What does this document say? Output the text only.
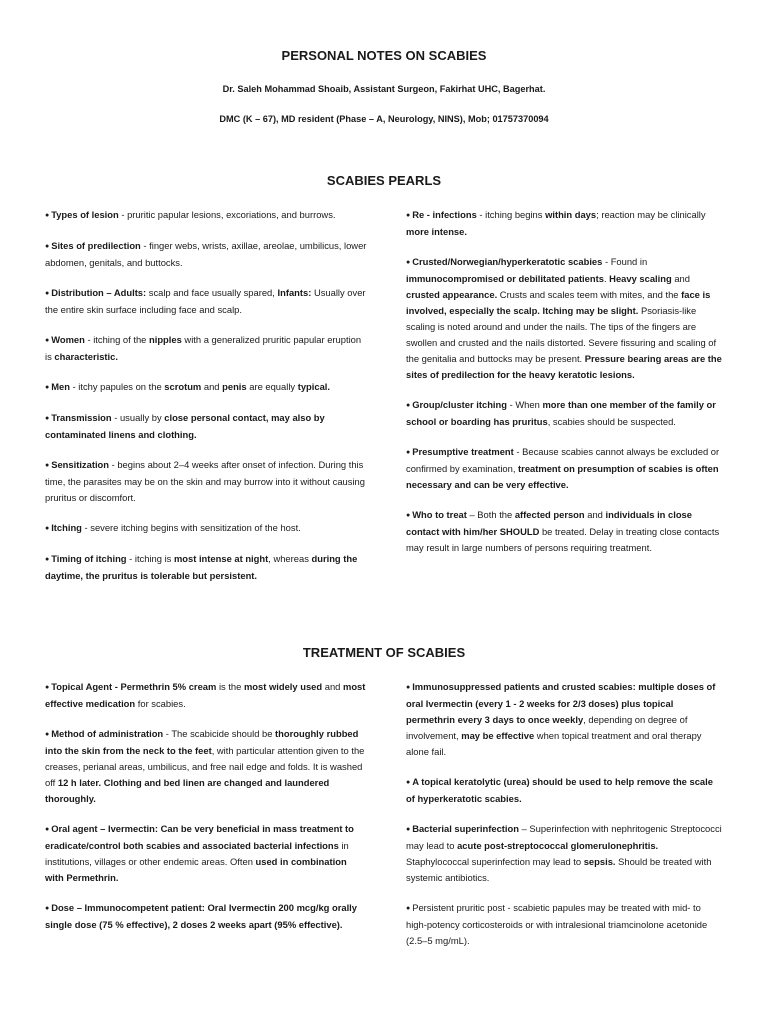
PERSONAL NOTES ON SCABIES

Dr. Saleh Mohammad Shoaib, Assistant Surgeon, Fakirhat UHC, Bagerhat.

DMC (K – 67), MD resident (Phase – A, Neurology, NINS), Mob; 01757370094

SCABIES PEARLS

● Types of lesion - pruritic papular lesions, excoriations, and burrows.

● Sites of predilection - finger webs, wrists, axillae, areolae, umbilicus, lower abdomen, genitals, and buttocks.

● Distribution – Adults: scalp and face usually spared, Infants: Usually over the entire skin surface including face and scalp.

● Women - itching of the nipples with a generalized pruritic papular eruption is characteristic.

● Men - itchy papules on the scrotum and penis are equally typical.

● Transmission - usually by close personal contact, may also by contaminated linens and clothing.

● Sensitization - begins about 2–4 weeks after onset of infection. During this time, the parasites may be on the skin and may burrow into it without causing pruritus or discomfort.

● Itching - severe itching begins with sensitization of the host.

● Timing of itching - itching is most intense at night, whereas during the daytime, the pruritus is tolerable but persistent.

● Re - infections - itching begins within days; reaction may be clinically more intense.

● Crusted/Norwegian/hyperkeratotic scabies - Found in immunocompromised or debilitated patients. Heavy scaling and crusted appearance. Crusts and scales teem with mites, and the face is involved, especially the scalp. Itching may be slight. Psoriasis-like scaling is noted around and under the nails. The tips of the fingers are swollen and crusted and the nails distorted. Severe fissuring and scaling of the genitalia and buttocks may be present. Pressure bearing areas are the sites of predilection for the heavy keratotic lesions.

● Group/cluster itching - When more than one member of the family or school or boarding has pruritus, scabies should be suspected.

● Presumptive treatment - Because scabies cannot always be excluded or confirmed by examination, treatment on presumption of scabies is often necessary and can be very effective.

● Who to treat – Both the affected person and individuals in close contact with him/her SHOULD be treated. Delay in treating close contacts may result in large numbers of persons requiring treatment.

TREATMENT OF SCABIES

● Topical Agent - Permethrin 5% cream is the most widely used and most effective medication for scabies.

● Method of administration - The scabicide should be thoroughly rubbed into the skin from the neck to the feet, with particular attention given to the creases, perianal areas, umbilicus, and free nail edge and folds. It is washed off 12 h later. Clothing and bed linen are changed and laundered thoroughly.

● Oral agent – Ivermectin: Can be very beneficial in mass treatment to eradicate/control both scabies and associated bacterial infections in institutions, villages or other endemic areas. Often used in combination with Permethrin.

● Dose – Immunocompetent patient: Oral Ivermectin 200 mcg/kg orally single dose (75 % effective), 2 doses 2 weeks apart (95% effective).

● Immunosuppressed patients and crusted scabies: multiple doses of oral Ivermectin (every 1 - 2 weeks for 2/3 doses) plus topical permethrin every 3 days to once weekly, depending on degree of involvement, may be effective when topical treatment and oral therapy alone fail.

● A topical keratolytic (urea) should be used to help remove the scale of hyperkeratotic scabies.

● Bacterial superinfection – Superinfection with nephritogenic Streptococci may lead to acute post-streptococcal glomerulonephritis. Staphylococcal superinfection may lead to sepsis. Should be treated with systemic antibiotics.

● Persistent pruritic post - scabietic papules may be treated with mid- to high-potency corticosteroids or with intralesional triamcinolone acetonide (2.5–5 mg/mL).
